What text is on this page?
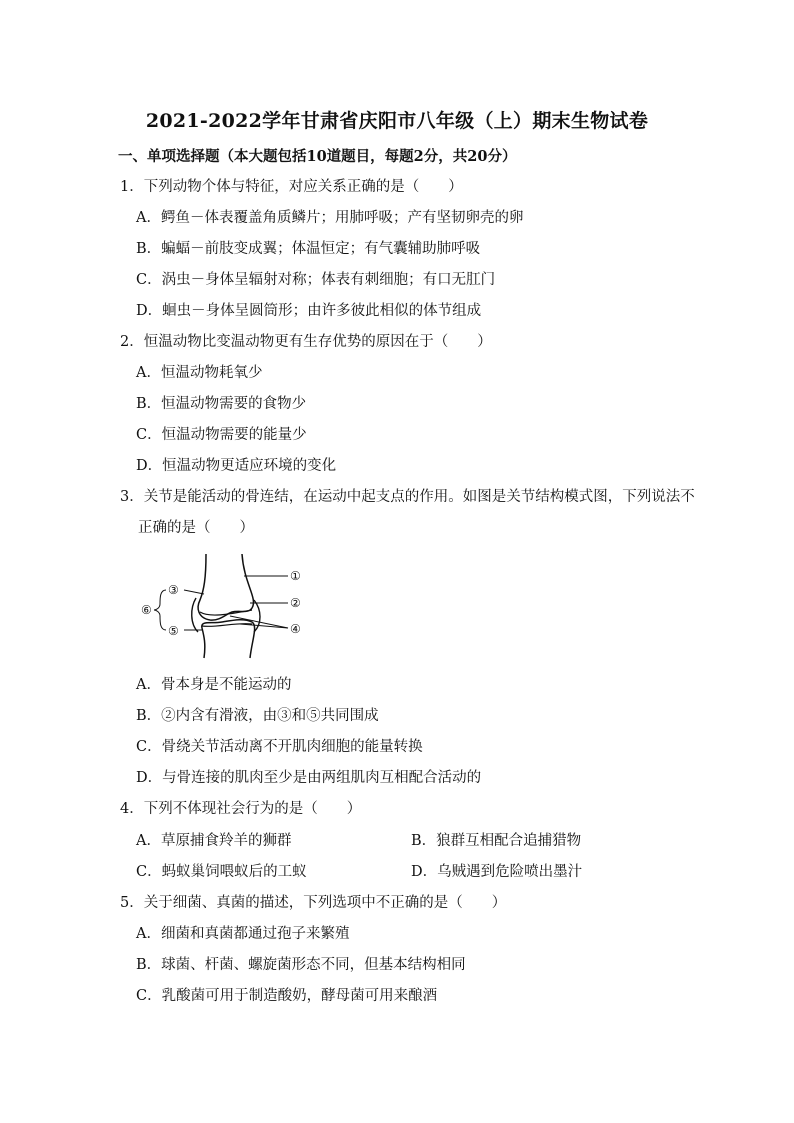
2021-2022学年甘肃省庆阳市八年级（上）期末生物试卷
一、单项选择题（本大题包括10道题目，每题2分，共20分）
1．下列动物个体与特征，对应关系正确的是（　　）
A．鳄鱼－体表覆盖角质鳞片；用肺呼吸；产有坚韧卵壳的卵
B．蝙蝠－前肢变成翼；体温恒定；有气囊辅助肺呼吸
C．涡虫－身体呈辐射对称；体表有刺细胞；有口无肛门
D．蛔虫－身体呈圆筒形；由许多彼此相似的体节组成
2．恒温动物比变温动物更有生存优势的原因在于（　　）
A．恒温动物耗氧少
B．恒温动物需要的食物少
C．恒温动物需要的能量少
D．恒温动物更适应环境的变化
3．关节是能活动的骨连结，在运动中起支点的作用。如图是关节结构模式图，下列说法不
正确的是（　　）
①
②
③
④
⑤
⑥
A．骨本身是不能运动的
B．②内含有滑液，由③和⑤共同围成
C．骨绕关节活动离不开肌肉细胞的能量转换
D．与骨连接的肌肉至少是由两组肌肉互相配合活动的
4．下列不体现社会行为的是（　　）
A．草原捕食羚羊的狮群	B．狼群互相配合追捕猎物
C．蚂蚁巢饲喂蚁后的工蚁	D．乌贼遇到危险喷出墨汁
5．关于细菌、真菌的描述，下列选项中不正确的是（　　）
A．细菌和真菌都通过孢子来繁殖
B．球菌、杆菌、螺旋菌形态不同，但基本结构相同
C．乳酸菌可用于制造酸奶，酵母菌可用来酿酒
